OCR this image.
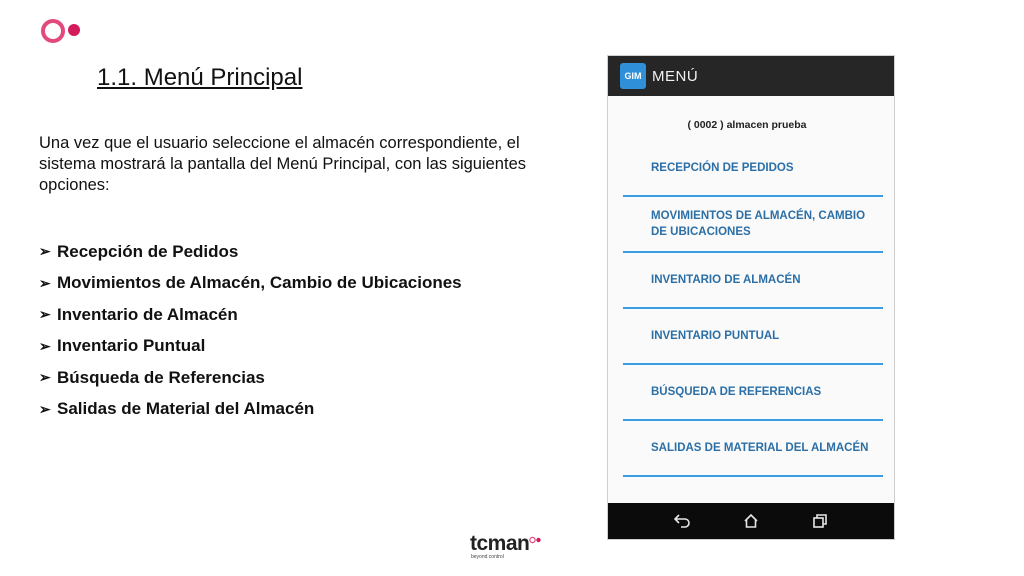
1.1. Menú Principal

Una vez que el usuario seleccione el almacén correspondiente, el sistema mostrará la pantalla del Menú Principal, con las siguientes opciones:

➢ Recepción de Pedidos
➢ Movimientos de Almacén, Cambio de Ubicaciones
➢ Inventario de Almacén
➢ Inventario Puntual
➢ Búsqueda de Referencias
➢ Salidas de Material del Almacén
GIM MENÚ
( 0002 ) almacen prueba
RECEPCIÓN DE PEDIDOS
MOVIMIENTOS DE ALMACÉN, CAMBIO DE UBICACIONES
INVENTARIO DE ALMACÉN
INVENTARIO PUNTUAL
BÚSQUEDA DE REFERENCIAS
SALIDAS DE MATERIAL DEL ALMACÉN
tcman
beyond control
